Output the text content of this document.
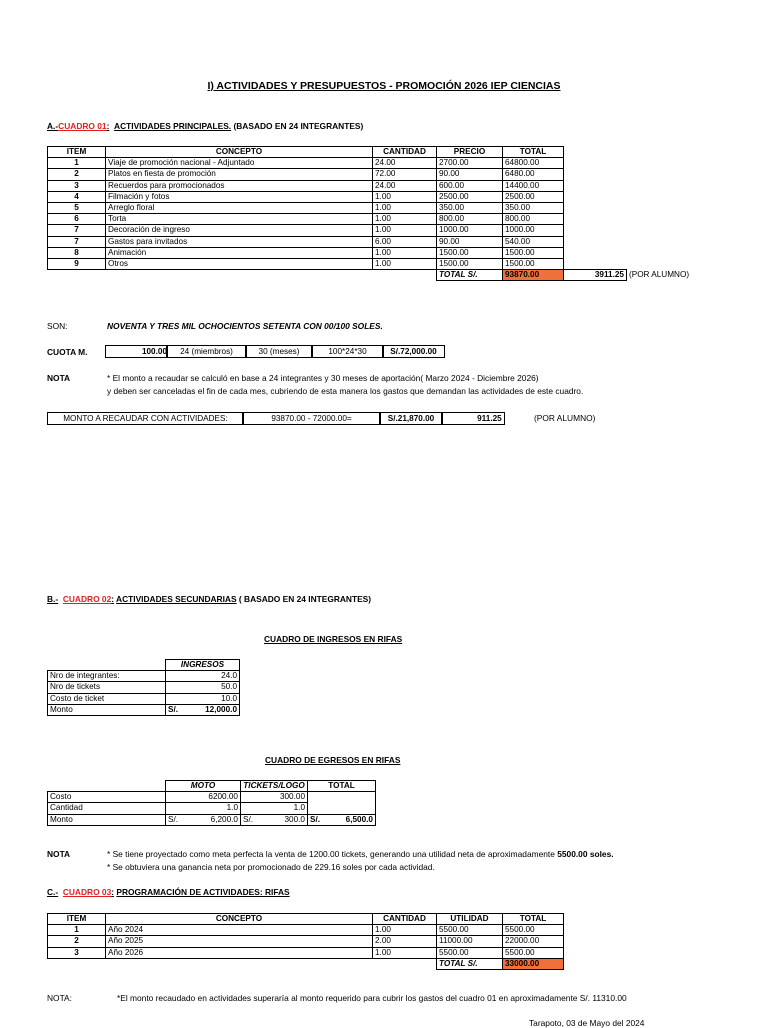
I) ACTIVIDADES Y PRESUPUESTOS - PROMOCIÓN 2026 IEP CIENCIAS
A.-CUADRO 01: ACTIVIDADES PRINCIPALES. (BASADO EN 24 INTEGRANTES)
ITEM	CONCEPTO	CANTIDAD	PRECIO	TOTAL		
1	Viaje de promoción nacional - Adjuntado	24.00	2700.00	64800.00		
2	Platos en fiesta de promoción	72.00	90.00	6480.00		
3	Recuerdos para promocionados	24.00	600.00	14400.00		
4	Filmación y fotos	1.00	2500.00	2500.00		
5	Arreglo floral	1.00	350.00	350.00		
6	Torta	1.00	800.00	800.00		
7	Decoración de ingreso	1.00	1000.00	1000.00		
7	Gastos para invitados	6.00	90.00	540.00		
8	Animación	1.00	1500.00	1500.00		
9	Otros	1.00	1500.00	1500.00		
			TOTAL S/.	93870.00	3911.25	(POR ALUMNO)
SON:	NOVENTA Y TRES MIL OCHOCIENTOS SETENTA CON 00/100 SOLES.
CUOTA M.	100.00	24 (miembros)	30 (meses)	100*24*30	S/.72,000.00
NOTA	* El monto a recaudar se calculó en base a 24 integrantes y 30 meses de aportación( Marzo 2024 - Diciembre 2026)
y deben ser canceladas el fin de cada mes, cubriendo de esta manera los gastos que demandan las actividades de este cuadro.
MONTO A RECAUDAR CON ACTIVIDADES:	93870.00 - 72000.00=	S/.21,870.00	911.25	(POR ALUMNO)
B.- CUADRO 02: ACTIVIDADES SECUNDARIAS ( BASADO EN 24 INTEGRANTES)
CUADRO DE INGRESOS EN RIFAS
	INGRESOS	
Nro de integrantes:	24.0	
Nro de tickets	50.0	
Costo de ticket	10.0	
Monto	S/.	12,000.0
CUADRO DE EGRESOS EN RIFAS
	MOTO	TICKETS/LOGO	TOTAL
Costo	6200.00	300.00	
Cantidad	1.0	1.0	
Monto	S/. 6,200.0	S/. 300.0	S/. 6,500.0
NOTA	* Se tiene proyectado como meta perfecta la venta de 1200.00 tickets, generando una utilidad neta de aproximadamente 5500.00 soles.
* Se obtuviera una ganancia neta por promocionado de 229.16 soles por cada actividad.
C.- CUADRO 03: PROGRAMACIÓN DE ACTIVIDADES: RIFAS
ITEM	CONCEPTO	CANTIDAD	UTILIDAD	TOTAL
1	Año 2024	1.00	5500.00	5500.00
2	Año 2025	2.00	11000.00	22000.00
3	Año 2026	1.00	5500.00	5500.00
			TOTAL S/.	33000.00
NOTA:	*El monto recaudado en actividades superaría al monto requerido para cubrir los gastos del cuadro 01 en aproximadamente S/. 11310.00
Tarapoto, 03 de Mayo del 2024
